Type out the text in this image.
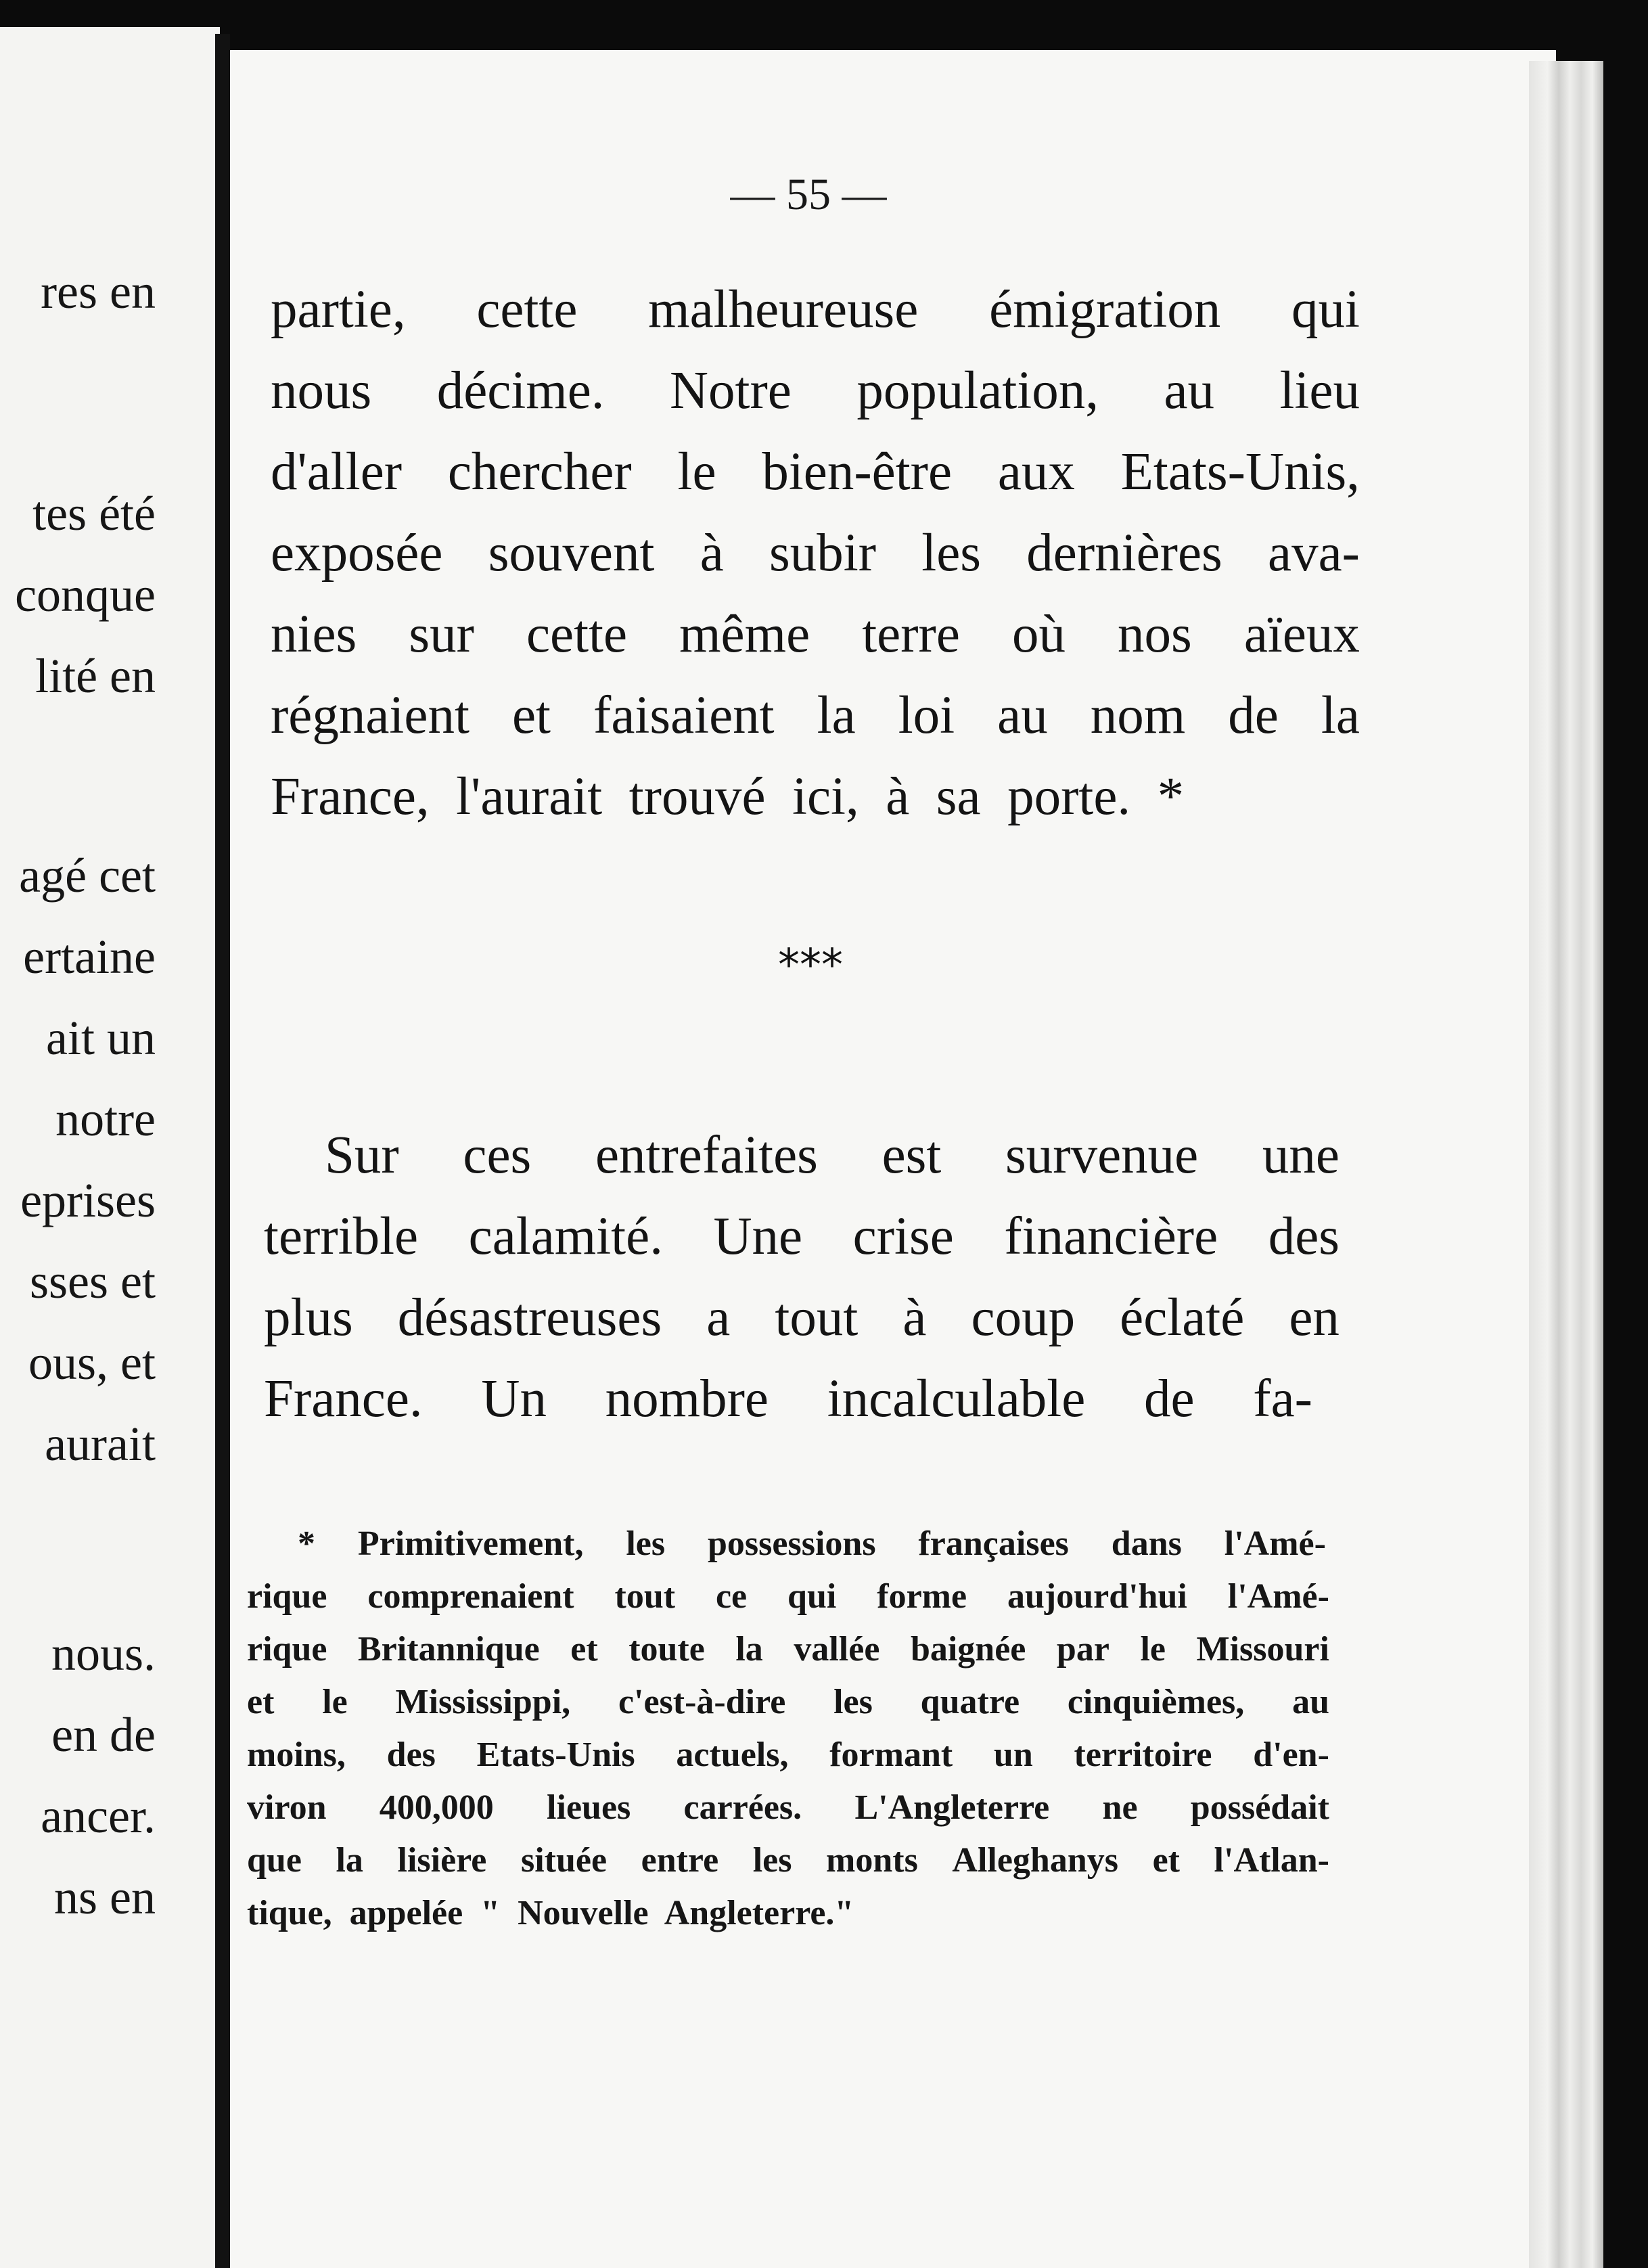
res en
tes été
conque
lité en
agé cet
ertaine
ait un
notre
eprises
sses et
ous, et
aurait
nous.
en de
ancer.
ns en
— 55 —
partie, cette malheureuse émigration qui
nous décime. Notre population, au lieu
d'aller chercher le bien-être aux Etats-Unis,
exposée souvent à subir les dernières ava-
nies sur cette même terre où nos aïeux
régnaient et faisaient la loi au nom de la
France, l'aurait trouvé ici, à sa porte. *
***
Sur ces entrefaites est survenue une
terrible calamité. Une crise financière des
plus désastreuses a tout à coup éclaté en
France. Un nombre incalculable de fa-
* Primitivement, les possessions françaises dans l'Amé-
rique comprenaient tout ce qui forme aujourd'hui l'Amé-
rique Britannique et toute la vallée baignée par le Missouri
et le Mississippi, c'est-à-dire les quatre cinquièmes, au
moins, des Etats-Unis actuels, formant un territoire d'en-
viron 400,000 lieues carrées. L'Angleterre ne possédait
que la lisière située entre les monts Alleghanys et l'Atlan-
tique, appelée " Nouvelle Angleterre."
